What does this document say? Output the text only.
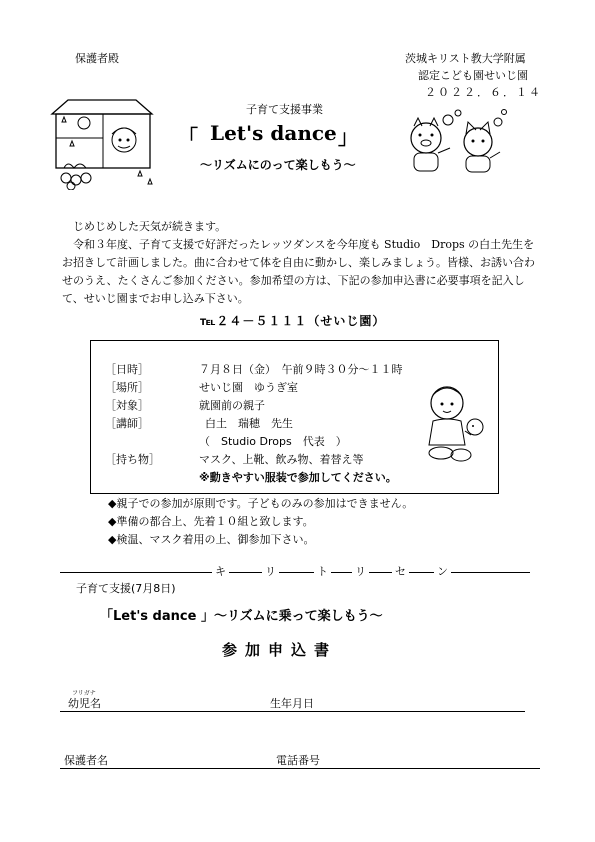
保護者殿	茨城キリスト教大学附属
認定こども園せいじ園
２０２２．６．１４
子育て支援事業
「 Let's dance 」
～リズムにのって楽しもう～

じめじめした天気が続きます。

令和３年度、子育て支援で好評だったレッツダンスを今年度も Studio　Drops の白土先生をお招きして計画しました。曲に合わせて体を自由に動かし、楽しみましょう。皆様、お誘い合わせのうえ、たくさんご参加ください。参加希望の方は、下記の参加申込書に必要事項を記入して、せいじ園までお申し込み下さい。

℡２４－５１１１（せいじ園）
［日時］	７月８日（金）　午前９時３０分～１１時
［場所］	せいじ園　ゆうぎ室
［対象］	就園前の親子
［講師］	白土　瑞穂　先生
（　Studio Drops　代表　）
［持ち物］	マスク、上靴、飲み物、着替え等
※動きやすい服装で参加してください。
◆親子での参加が原則です。子どものみの参加はできません。
◆準備の都合上、先着１０組と致します。
◆検温、マスク着用の上、御参加下さい。
キ	リ	ト リ	セ	ン
子育て支援(7月8日)
「Let's dance 」～リズムに乗って楽しもう～
参加申込書
フリガナ
幼児名	生年月日
保護者名	電話番号
